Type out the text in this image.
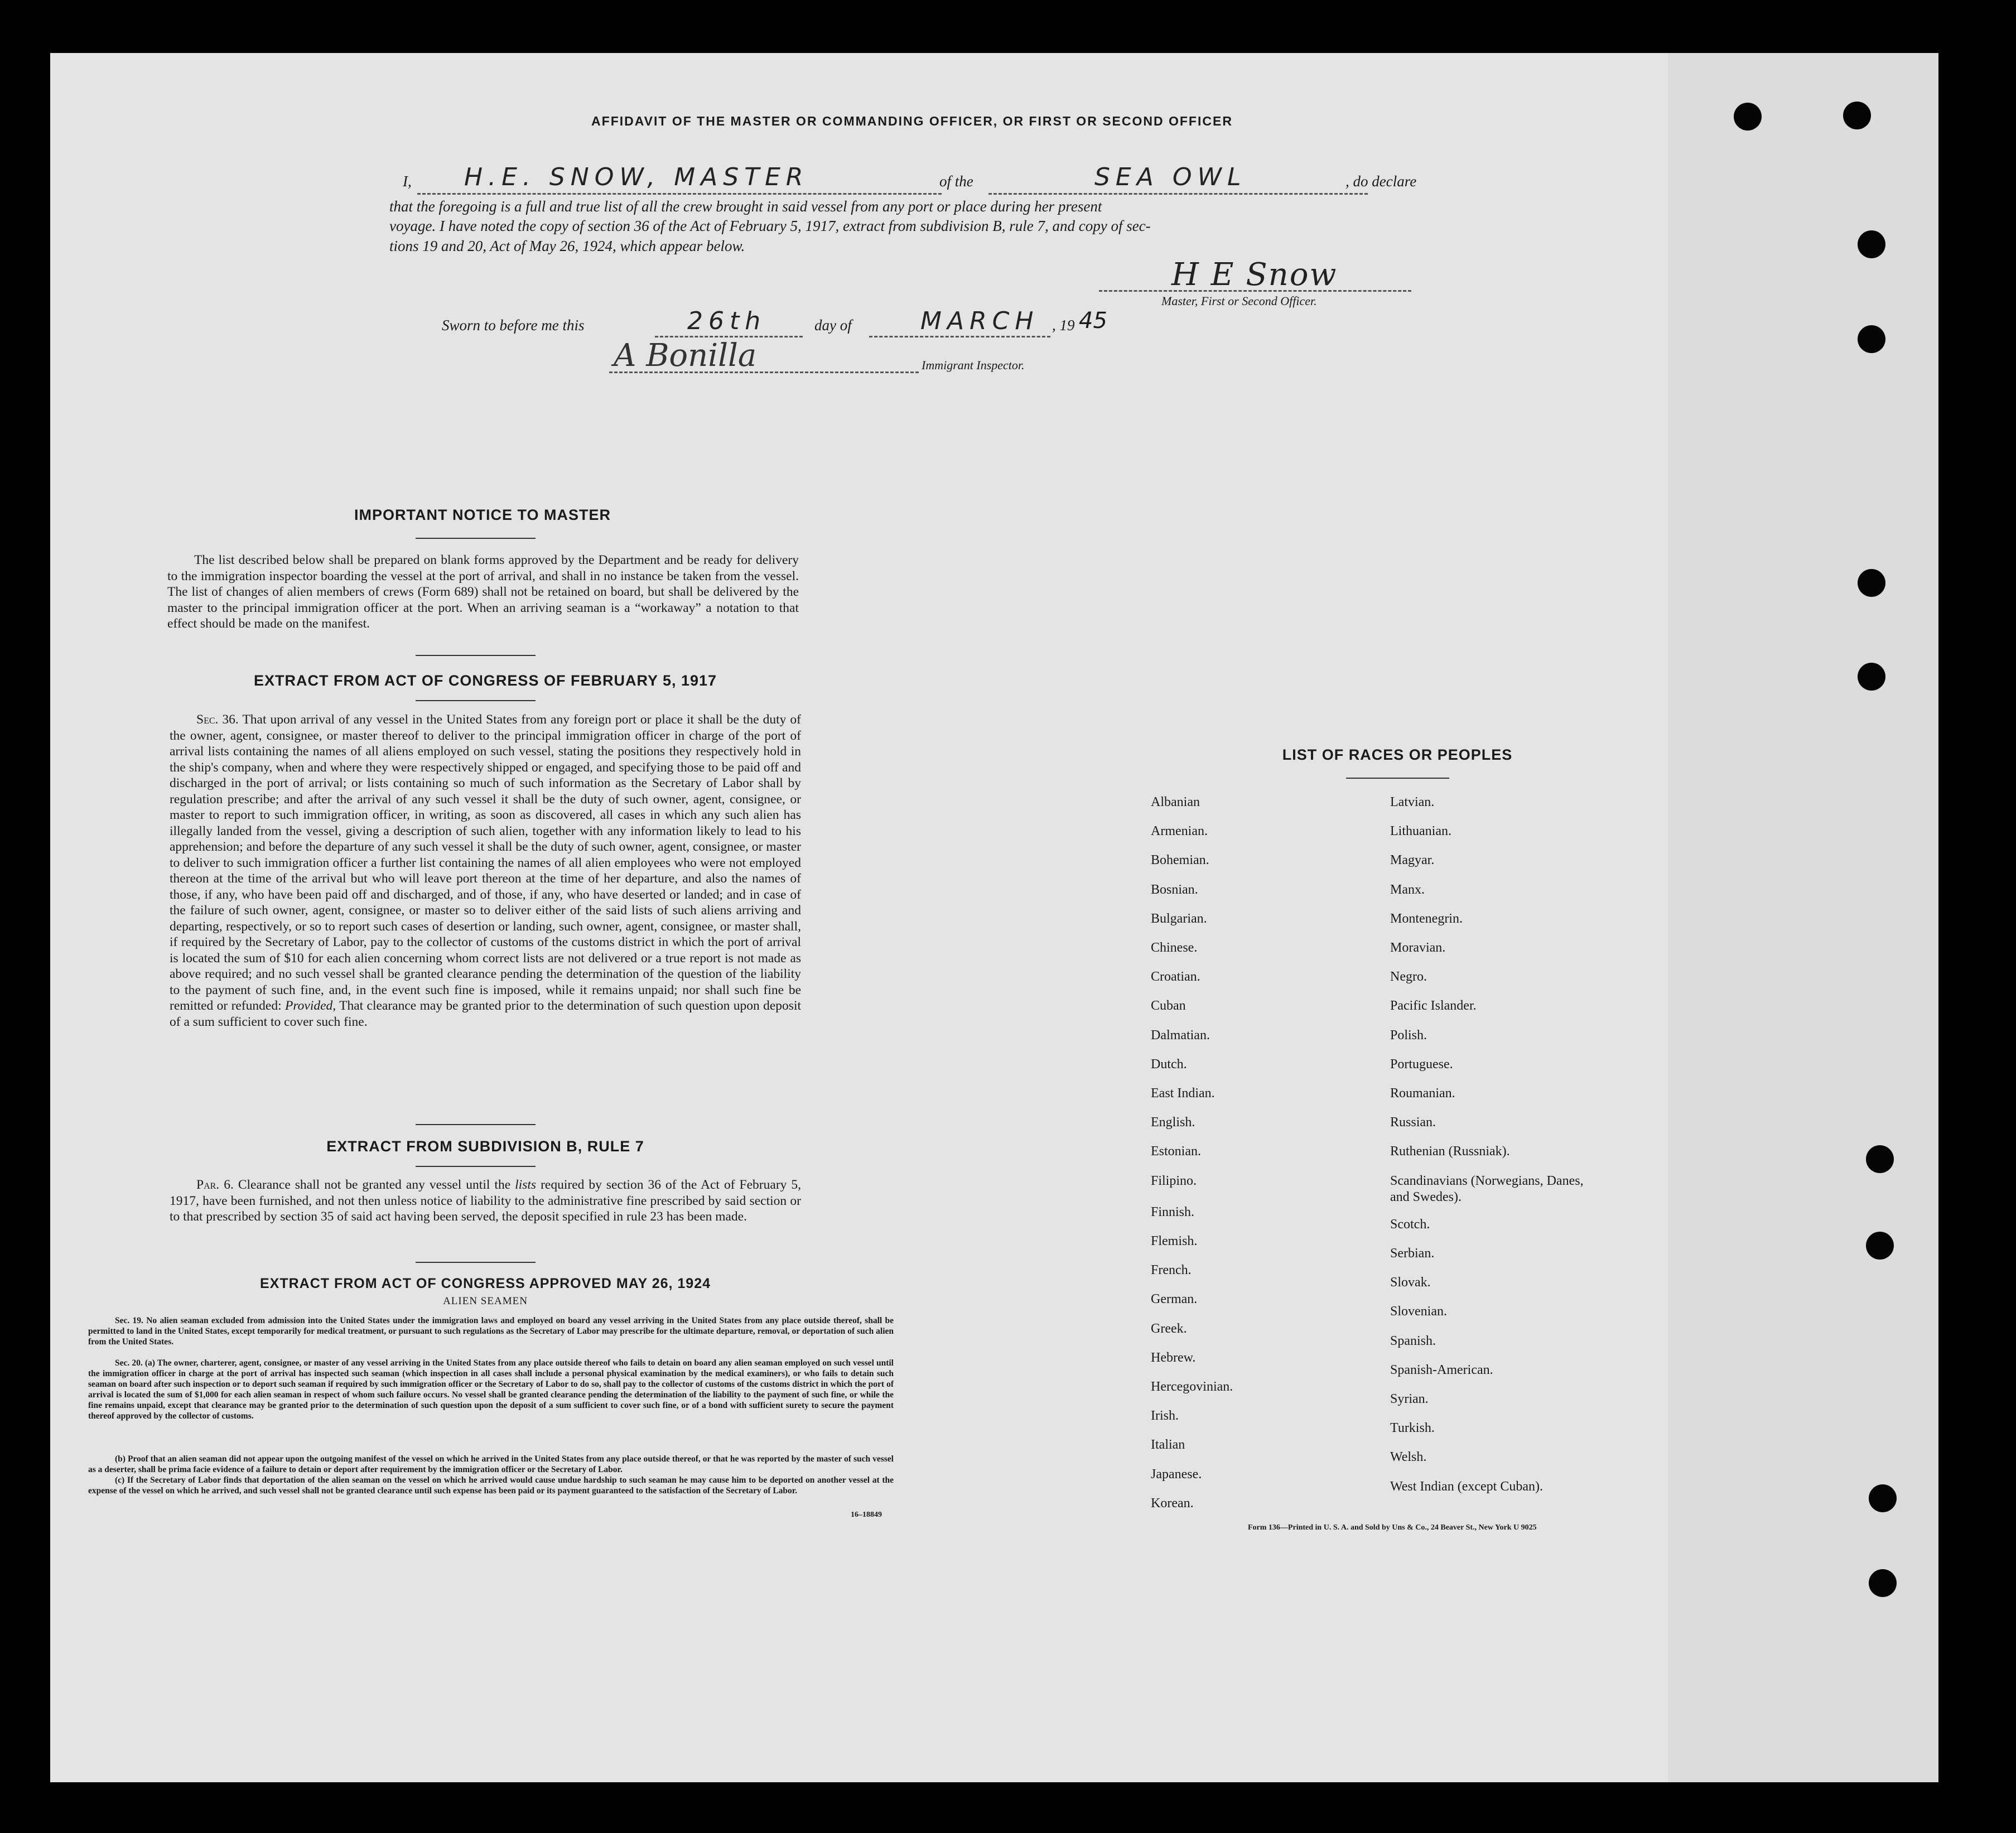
AFFIDAVIT OF THE MASTER OR COMMANDING OFFICER, OR FIRST OR SECOND OFFICER
I, H.E. SNOW, MASTER	of the	SEA OWL	, do declare
that the foregoing is a full and true list of all the crew brought in said vessel from any port or place during her present
voyage. I have noted the copy of section 36 of the Act of February 5, 1917, extract from subdivision B, rule 7, and copy of sec-
tions 19 and 20, Act of May 26, 1924, which appear below.
H E Snow
Master, First or Second Officer.
Sworn to before me this	26th	day of	MARCH , 19 45
A Bonilla	Immigrant Inspector.
IMPORTANT NOTICE TO MASTER
The list described below shall be prepared on blank forms approved by the Department and be ready for delivery to the immigration inspector boarding the vessel at the port of arrival, and shall in no instance be taken from the vessel. The list of changes of alien members of crews (Form 689) shall not be retained on board, but shall be delivered by the master to the principal immigration officer at the port. When an arriving seaman is a “workaway” a notation to that effect should be made on the manifest.
EXTRACT FROM ACT OF CONGRESS OF FEBRUARY 5, 1917
Sec. 36. That upon arrival of any vessel in the United States from any foreign port or place it shall be the duty of the owner, agent, consignee, or master thereof to deliver to the principal immigration officer in charge of the port of arrival lists containing the names of all aliens employed on such vessel, stating the positions they respectively hold in the ship's company, when and where they were respectively shipped or engaged, and specifying those to be paid off and discharged in the port of arrival; or lists containing so much of such information as the Secretary of Labor shall by regulation prescribe; and after the arrival of any such vessel it shall be the duty of such owner, agent, consignee, or master to report to such immigration officer, in writing, as soon as discovered, all cases in which any such alien has illegally landed from the vessel, giving a description of such alien, together with any information likely to lead to his apprehension; and before the departure of any such vessel it shall be the duty of such owner, agent, consignee, or master to deliver to such immigration officer a further list containing the names of all alien employees who were not employed thereon at the time of the arrival but who will leave port thereon at the time of her departure, and also the names of those, if any, who have been paid off and discharged, and of those, if any, who have deserted or landed; and in case of the failure of such owner, agent, consignee, or master so to deliver either of the said lists of such aliens arriving and departing, respectively, or so to report such cases of desertion or landing, such owner, agent, consignee, or master shall, if required by the Secretary of Labor, pay to the collector of customs of the customs district in which the port of arrival is located the sum of $10 for each alien concerning whom correct lists are not delivered or a true report is not made as above required; and no such vessel shall be granted clearance pending the determination of the question of the liability to the payment of such fine, and, in the event such fine is imposed, while it remains unpaid; nor shall such fine be remitted or refunded: Provided, That clearance may be granted prior to the determination of such question upon deposit of a sum sufficient to cover such fine.
EXTRACT FROM SUBDIVISION B, RULE 7
Par. 6. Clearance shall not be granted any vessel until the lists required by section 36 of the Act of February 5, 1917, have been furnished, and not then unless notice of liability to the administrative fine prescribed by said section or to that prescribed by section 35 of said act having been served, the deposit specified in rule 23 has been made.
EXTRACT FROM ACT OF CONGRESS APPROVED MAY 26, 1924
ALIEN SEAMEN
Sec. 19. No alien seaman excluded from admission into the United States under the immigration laws and employed on board any vessel arriving in the United States from any place outside thereof, shall be permitted to land in the United States, except temporarily for medical treatment, or pursuant to such regulations as the Secretary of Labor may prescribe for the ultimate departure, removal, or deportation of such alien from the United States.
Sec. 20. (a) The owner, charterer, agent, consignee, or master of any vessel arriving in the United States from any place outside thereof who fails to detain on board any alien seaman employed on such vessel until the immigration officer in charge at the port of arrival has inspected such seaman (which inspection in all cases shall include a personal physical examination by the medical examiners), or who fails to detain such seaman on board after such inspection or to deport such seaman if required by such immigration officer or the Secretary of Labor to do so, shall pay to the collector of customs of the customs district in which the port of arrival is located the sum of $1,000 for each alien seaman in respect of whom such failure occurs. No vessel shall be granted clearance pending the determination of the liability to the payment of such fine, or while the fine remains unpaid, except that clearance may be granted prior to the determination of such question upon the deposit of a sum sufficient to cover such fine, or of a bond with sufficient surety to secure the payment thereof approved by the collector of customs.
(b) Proof that an alien seaman did not appear upon the outgoing manifest of the vessel on which he arrived in the United States from any place outside thereof, or that he was reported by the master of such vessel as a deserter, shall be prima facie evidence of a failure to detain or deport after requirement by the immigration officer or the Secretary of Labor.
(c) If the Secretary of Labor finds that deportation of the alien seaman on the vessel on which he arrived would cause undue hardship to such seaman he may cause him to be deported on another vessel at the expense of the vessel on which he arrived, and such vessel shall not be granted clearance until such expense has been paid or its payment guaranteed to the satisfaction of the Secretary of Labor.
16–18849
LIST OF RACES OR PEOPLES
Albanian
Armenian.
Bohemian.
Bosnian.
Bulgarian.
Chinese.
Croatian.
Cuban
Dalmatian.
Dutch.
East Indian.
English.
Estonian.
Filipino.
Finnish.
Flemish.
French.
German.
Greek.
Hebrew.
Hercegovinian.
Irish.
Italian
Japanese.
Korean.
Latvian.
Lithuanian.
Magyar.
Manx.
Montenegrin.
Moravian.
Negro.
Pacific Islander.
Polish.
Portuguese.
Roumanian.
Russian.
Ruthenian (Russniak).
Scandinavians (Norwegians, Danes, and Swedes).
Scotch.
Serbian.
Slovak.
Slovenian.
Spanish.
Spanish-American.
Syrian.
Turkish.
Welsh.
West Indian (except Cuban).
Form 136—Printed in U. S. A. and Sold by Uns & Co., 24 Beaver St., New York U 9025
